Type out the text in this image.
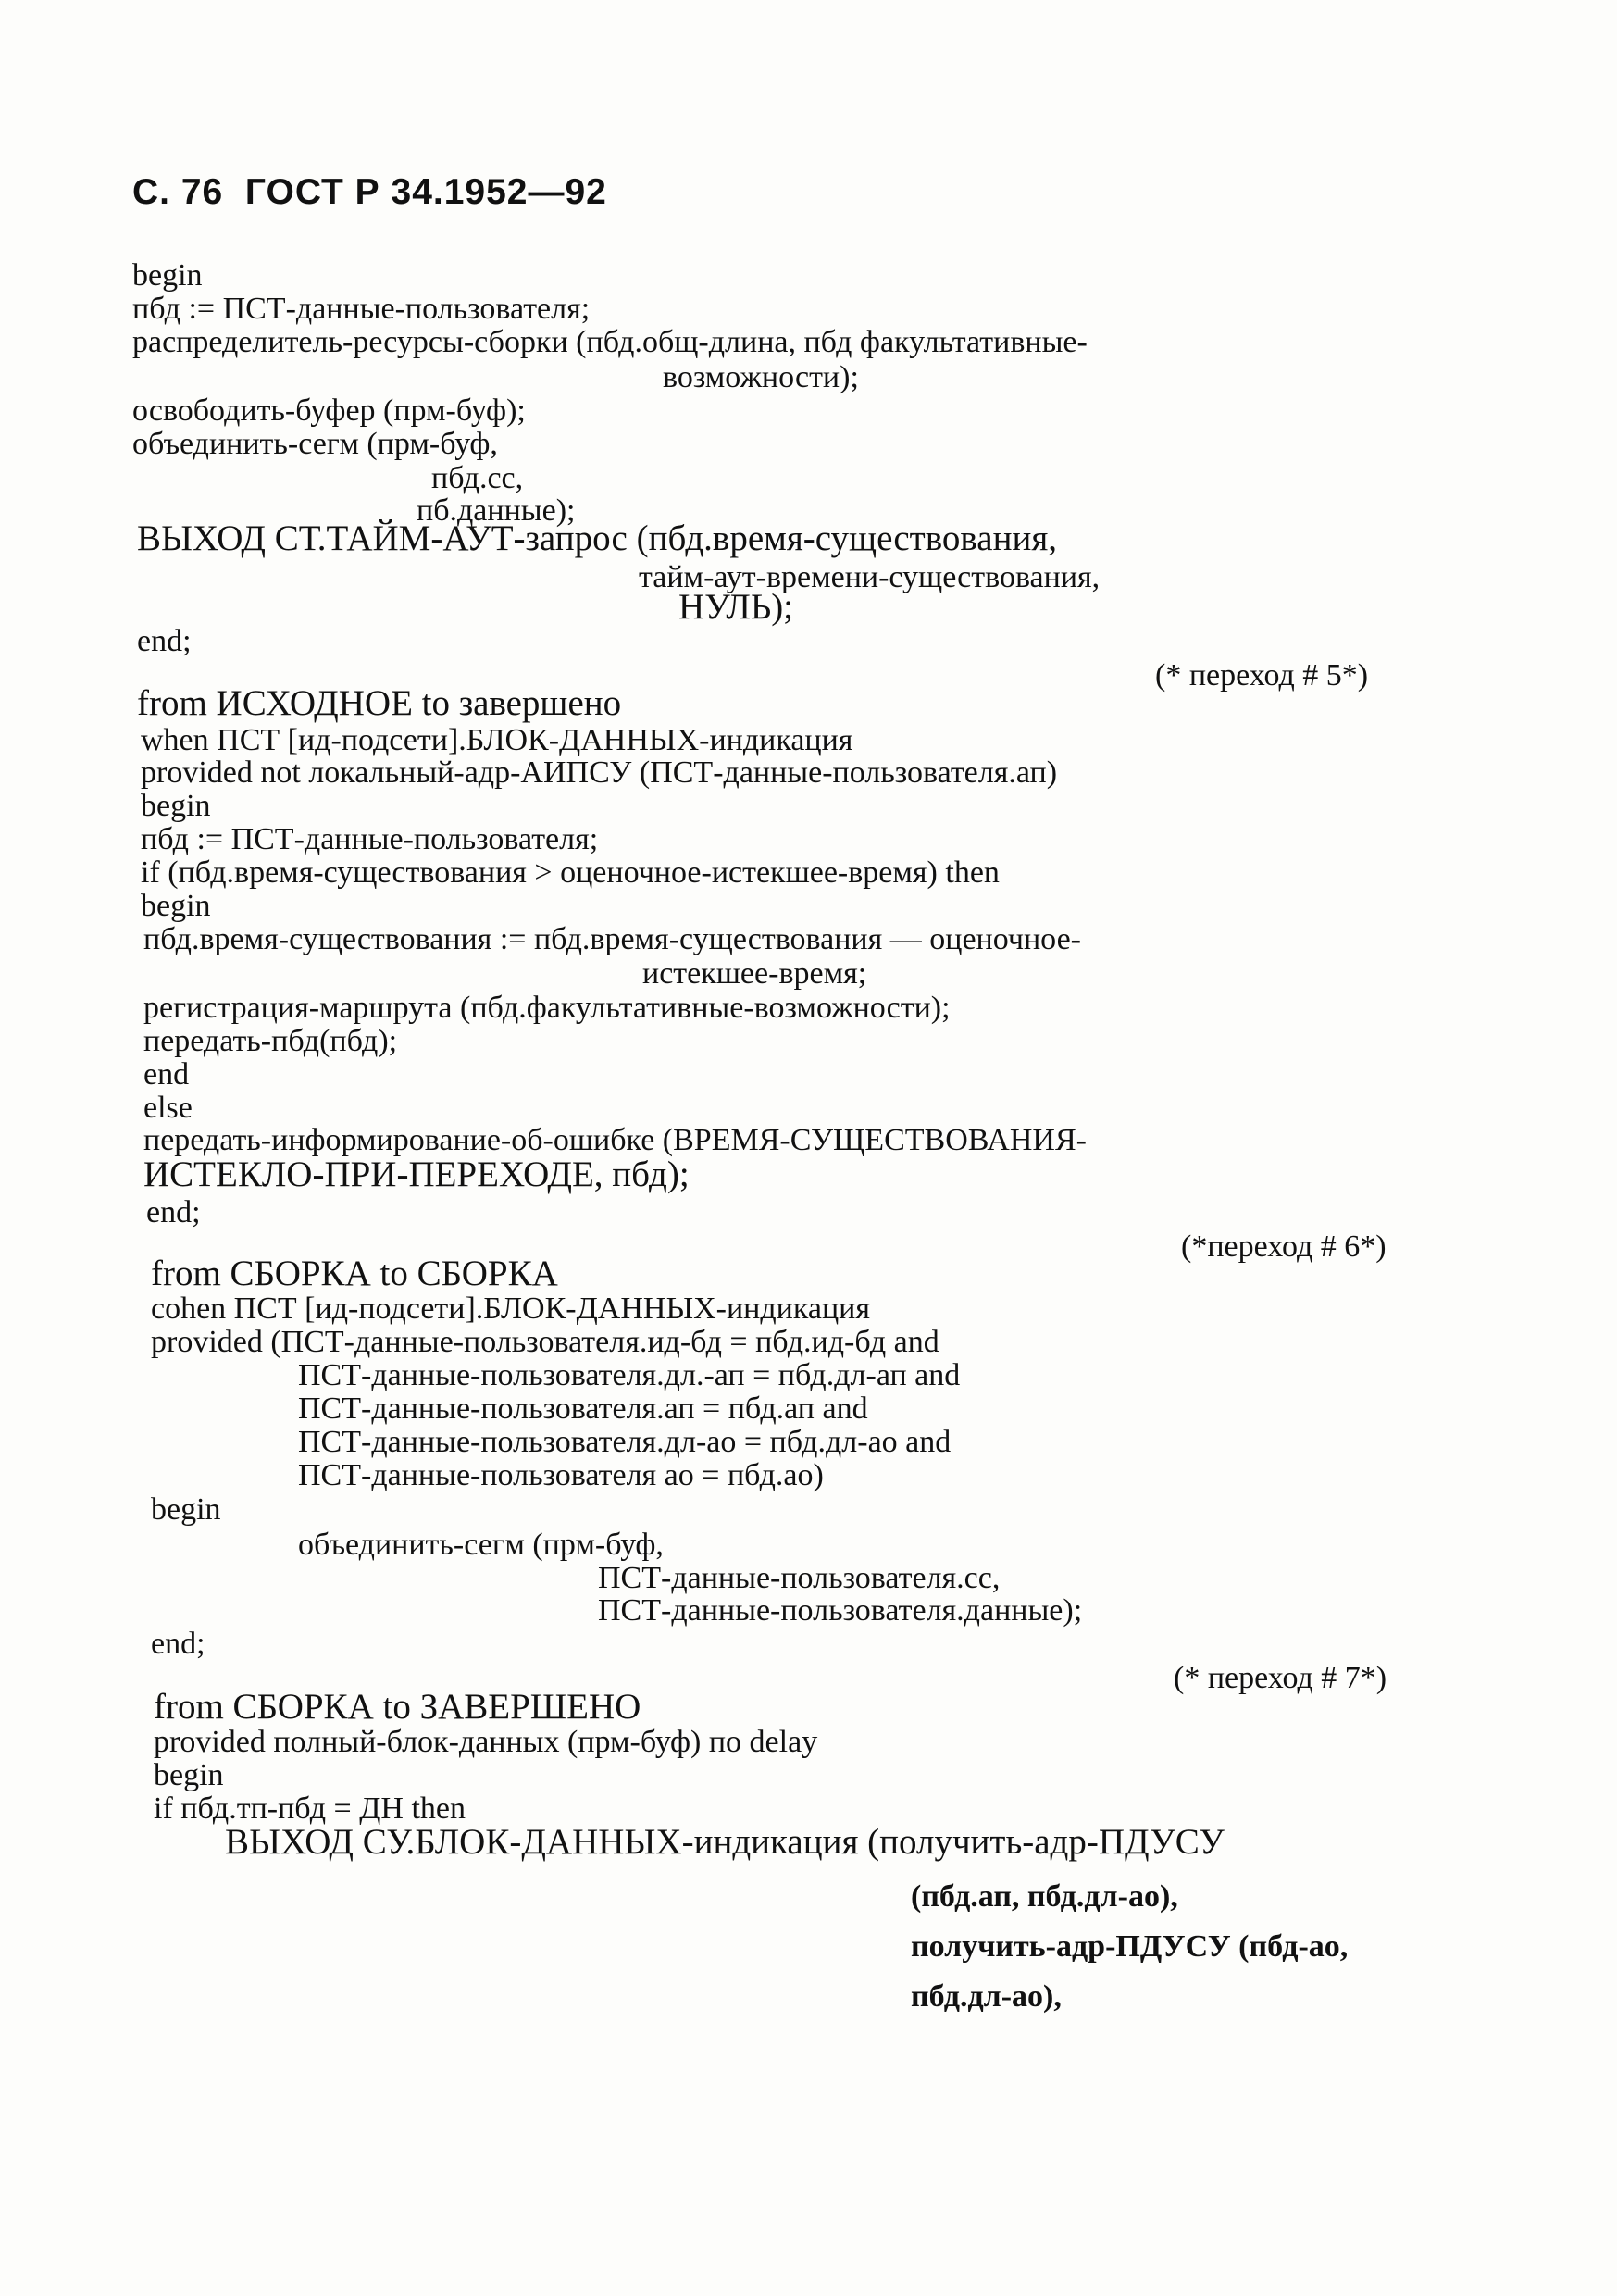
С. 76  ГОСТ Р 34.1952—92
begin
пбд := ПСТ-данные-пользователя;
распределитель-ресурсы-сборки (пбд.общ-длина, пбд факультативные-
возможности);
освободить-буфер (прм-буф);
объединить-сегм (прм-буф,
пбд.сс,
пб.данные);
ВЫХОД СТ.ТАЙМ-АУТ-запрос (пбд.время-существования,
тайм-аут-времени-существования,
НУЛЬ);
end;
(* переход # 5*)
from ИСХОДНОЕ to завершено
when ПСТ [ид-подсети].БЛОК-ДАННЫХ-индикация
provided not локальный-адр-АИПСУ (ПСТ-данные-пользователя.ап)
begin
пбд := ПСТ-данные-пользователя;
if (пбд.время-существования > оценочное-истекшее-время) then
begin
пбд.время-существования := пбд.время-существования — оценочное-
истекшее-время;
регистрация-маршрута (пбд.факультативные-возможности);
передать-пбд(пбд);
end
else
передать-информирование-об-ошибке (ВРЕМЯ-СУЩЕСТВОВАНИЯ-
ИСТЕКЛО-ПРИ-ПЕРЕХОДЕ, пбд);
end;
(*переход # 6*)
from СБОРКА to СБОРКА
cohen ПСТ [ид-подсети].БЛОК-ДАННЫХ-индикация
provided (ПСТ-данные-пользователя.ид-бд = пбд.ид-бд and
ПСТ-данные-пользователя.дл.-ап = пбд.дл-ап and
ПСТ-данные-пользователя.ап = пбд.ап and
ПСТ-данные-пользователя.дл-ао = пбд.дл-ао and
ПСТ-данные-пользователя ао = пбд.ао)
begin
объединить-сегм (прм-буф,
ПСТ-данные-пользователя.сс,
ПСТ-данные-пользователя.данные);
end;
(* переход # 7*)
from СБОРКА to ЗАВЕРШЕНО
provided полный-блок-данных (прм-буф) по delay
begin
if пбд.тп-пбд = ДН then
ВЫХОД СУ.БЛОК-ДАННЫХ-индикация (получить-адр-ПДУСУ
(пбд.ап, пбд.дл-ао),
получить-адр-ПДУСУ (пбд-ао,
пбд.дл-ао),
